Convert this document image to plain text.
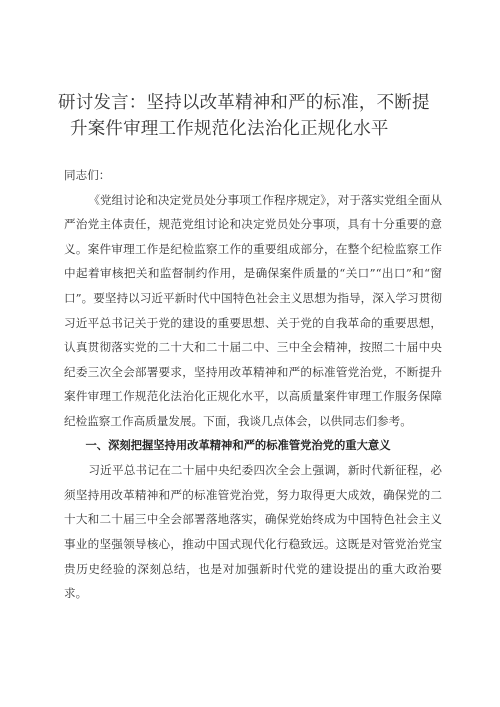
研讨发言：坚持以改革精神和严的标准，不断提
升案件审理工作规范化法治化正规化水平

同志们：

《党组讨论和决定党员处分事项工作程序规定》，对于落实党组全面从严治党主体责任，规范党组讨论和决定党员处分事项，具有十分重要的意义。案件审理工作是纪检监察工作的重要组成部分，在整个纪检监察工作中起着审核把关和监督制约作用，是确保案件质量的“关口”“出口”和“窗口”。要坚持以习近平新时代中国特色社会主义思想为指导，深入学习贯彻习近平总书记关于党的建设的重要思想、关于党的自我革命的重要思想，认真贯彻落实党的二十大和二十届二中、三中全会精神，按照二十届中央纪委三次全会部署要求，坚持用改革精神和严的标准管党治党，不断提升案件审理工作规范化法治化正规化水平，以高质量案件审理工作服务保障纪检监察工作高质量发展。下面，我谈几点体会，以供同志们参考。

一、深刻把握坚持用改革精神和严的标准管党治党的重大意义

习近平总书记在二十届中央纪委四次全会上强调，新时代新征程，必须坚持用改革精神和严的标准管党治党，努力取得更大成效，确保党的二十大和二十届三中全会部署落地落实，确保党始终成为中国特色社会主义事业的坚强领导核心，推动中国式现代化行稳致远。这既是对管党治党宝贵历史经验的深刻总结，也是对加强新时代党的建设提出的重大政治要求。
